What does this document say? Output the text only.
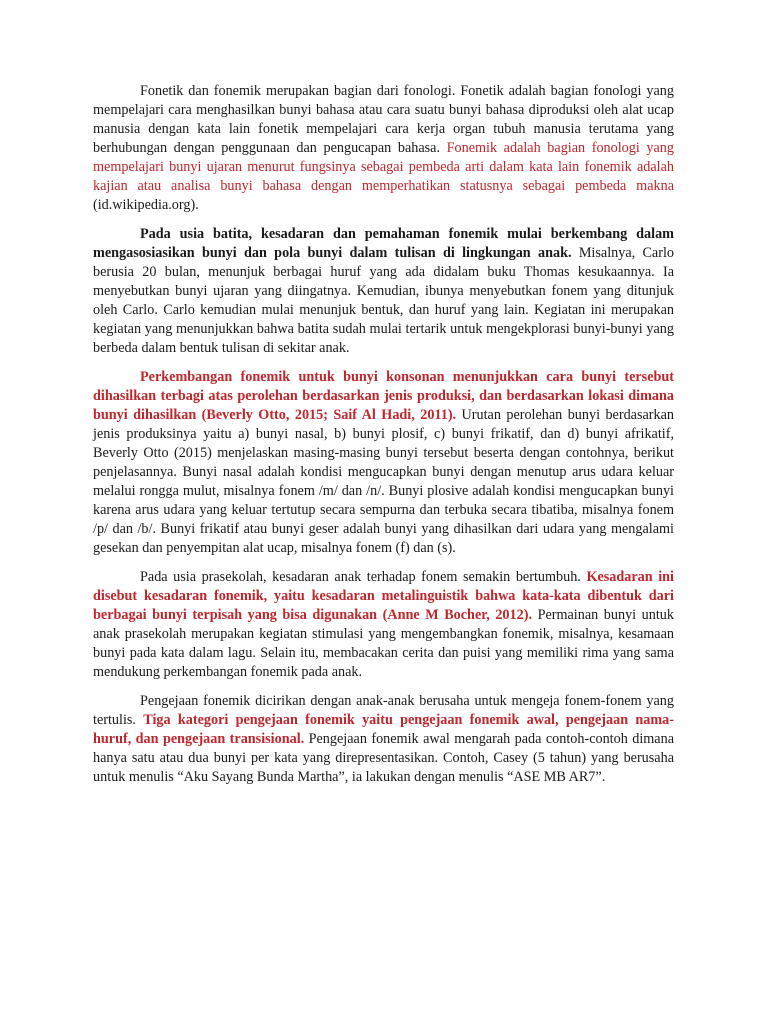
Fonetik dan fonemik merupakan bagian dari fonologi. Fonetik adalah bagian fonologi yang mempelajari cara menghasilkan bunyi bahasa atau cara suatu bunyi bahasa diproduksi oleh alat ucap manusia dengan kata lain fonetik mempelajari cara kerja organ tubuh manusia terutama yang berhubungan dengan penggunaan dan pengucapan bahasa. Fonemik adalah bagian fonologi yang mempelajari bunyi ujaran menurut fungsinya sebagai pembeda arti dalam kata lain fonemik adalah kajian atau analisa bunyi bahasa dengan memperhatikan statusnya sebagai pembeda makna (id.wikipedia.org).

Pada usia batita, kesadaran dan pemahaman fonemik mulai berkembang dalam mengasosiasikan bunyi dan pola bunyi dalam tulisan di lingkungan anak. Misalnya, Carlo berusia 20 bulan, menunjuk berbagai huruf yang ada didalam buku Thomas kesukaannya. Ia menyebutkan bunyi ujaran yang diingatnya. Kemudian, ibunya menyebutkan fonem yang ditunjuk oleh Carlo. Carlo kemudian mulai menunjuk bentuk, dan huruf yang lain. Kegiatan ini merupakan kegiatan yang menunjukkan bahwa batita sudah mulai tertarik untuk mengekplorasi bunyi-bunyi yang berbeda dalam bentuk tulisan di sekitar anak.

Perkembangan fonemik untuk bunyi konsonan menunjukkan cara bunyi tersebut dihasilkan terbagi atas perolehan berdasarkan jenis produksi, dan berdasarkan lokasi dimana bunyi dihasilkan (Beverly Otto, 2015; Saif Al Hadi, 2011). Urutan perolehan bunyi berdasarkan jenis produksinya yaitu a) bunyi nasal, b) bunyi plosif, c) bunyi frikatif, dan d) bunyi afrikatif, Beverly Otto (2015) menjelaskan masing-masing bunyi tersebut beserta dengan contohnya, berikut penjelasannya. Bunyi nasal adalah kondisi mengucapkan bunyi dengan menutup arus udara keluar melalui rongga mulut, misalnya fonem /m/ dan /n/. Bunyi plosive adalah kondisi mengucapkan bunyi karena arus udara yang keluar tertutup secara sempurna dan terbuka secara tibatiba, misalnya fonem /p/ dan /b/. Bunyi frikatif atau bunyi geser adalah bunyi yang dihasilkan dari udara yang mengalami gesekan dan penyempitan alat ucap, misalnya fonem (f) dan (s).

Pada usia prasekolah, kesadaran anak terhadap fonem semakin bertumbuh. Kesadaran ini disebut kesadaran fonemik, yaitu kesadaran metalinguistik bahwa kata-kata dibentuk dari berbagai bunyi terpisah yang bisa digunakan (Anne M Bocher, 2012). Permainan bunyi untuk anak prasekolah merupakan kegiatan stimulasi yang mengembangkan fonemik, misalnya, kesamaan bunyi pada kata dalam lagu. Selain itu, membacakan cerita dan puisi yang memiliki rima yang sama mendukung perkembangan fonemik pada anak.

Pengejaan fonemik dicirikan dengan anak-anak berusaha untuk mengeja fonem-fonem yang tertulis. Tiga kategori pengejaan fonemik yaitu pengejaan fonemik awal, pengejaan nama-huruf, dan pengejaan transisional. Pengejaan fonemik awal mengarah pada contoh-contoh dimana hanya satu atau dua bunyi per kata yang direpresentasikan. Contoh, Casey (5 tahun) yang berusaha untuk menulis “Aku Sayang Bunda Martha”, ia lakukan dengan menulis “ASE MB AR7”.
